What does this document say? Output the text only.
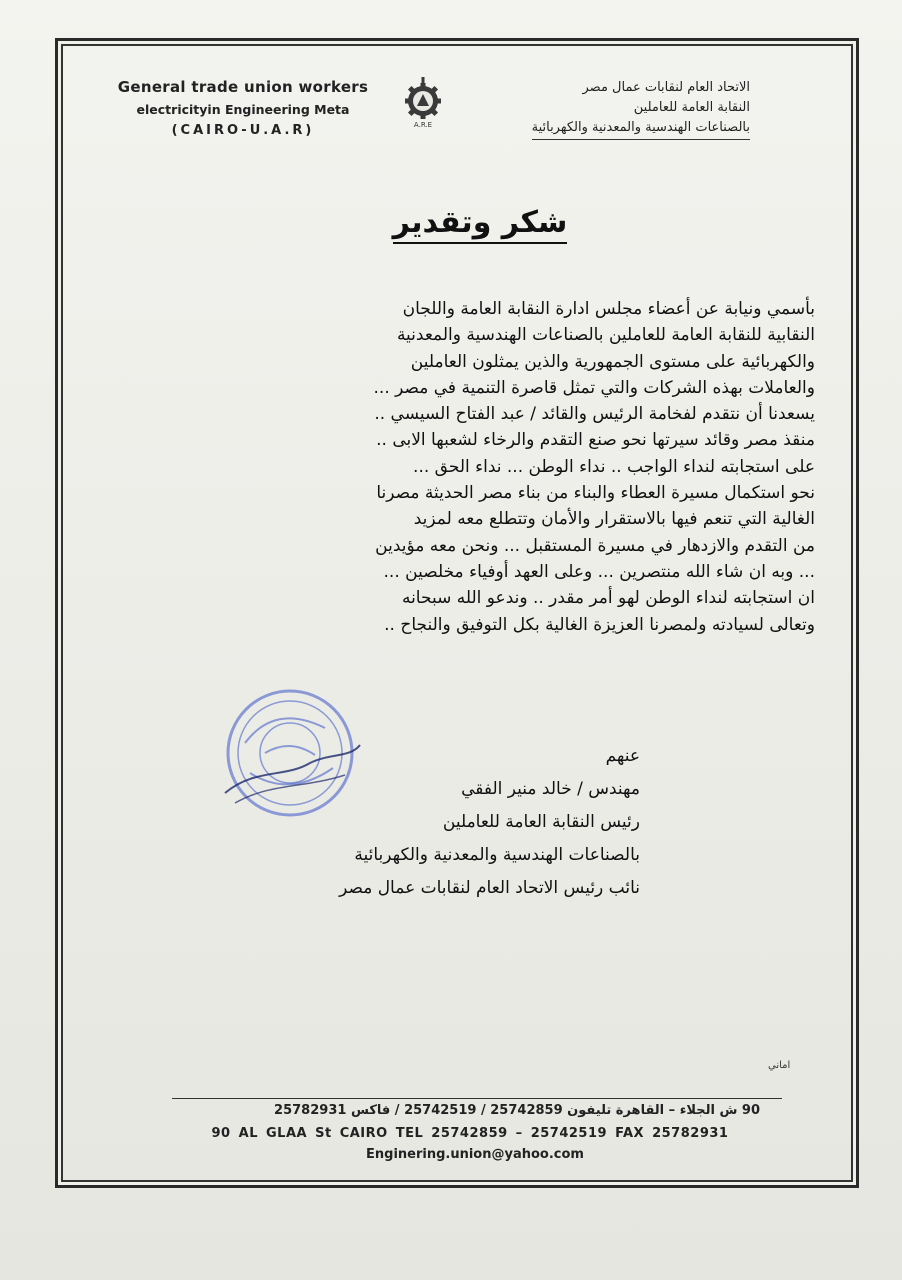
General trade union workers
electricityin Engineering Meta
(CAIRO-U.A.R)	A.R.E
الاتحاد العام لنقابات عمال مصر
النقابة العامة للعاملين
بالصناعات الهندسية والمعدنية والكهربائية
شكر وتقدير
بأسمي ونيابة عن أعضاء مجلس ادارة النقابة العامة واللجان
النقابية للنقابة العامة للعاملين بالصناعات الهندسية والمعدنية
والكهربائية على مستوى الجمهورية والذين يمثلون العاملين
والعاملات بهذه الشركات والتي تمثل قاصرة التنمية في مصر ...
يسعدنا أن نتقدم لفخامة الرئيس والقائد / عبد الفتاح السيسي ..
منقذ مصر وقائد سيرتها نحو صنع التقدم والرخاء لشعبها الابى ..
على استجابته لنداء الواجب .. نداء الوطن ... نداء الحق ...
نحو استكمال مسيرة العطاء والبناء من بناء مصر الحديثة مصرنا
الغالية التي تنعم فيها بالاستقرار والأمان وتتطلع معه لمزيد
من التقدم والازدهار في مسيرة المستقبل ... ونحن معه مؤيدين
... وبه ان شاء الله منتصرين ... وعلى العهد أوفياء مخلصين ...
ان استجابته لنداء الوطن لهو أمر مقدر .. وندعو الله سبحانه
وتعالى لسيادته ولمصرنا العزيزة الغالية بكل التوفيق والنجاح ..
عنهم
مهندس / خالد منير الفقي
رئيس النقابة العامة للعاملين
بالصناعات الهندسية والمعدنية والكهربائية
نائب رئيس الاتحاد العام لنقابات عمال مصر
اماني
90 ش الجلاء – القاهرة تليفون 25742859 / 25742519 / فاكس 25782931
90 AL GLAA St CAIRO TEL 25742859 – 25742519 FAX 25782931
Enginering.union@yahoo.com
